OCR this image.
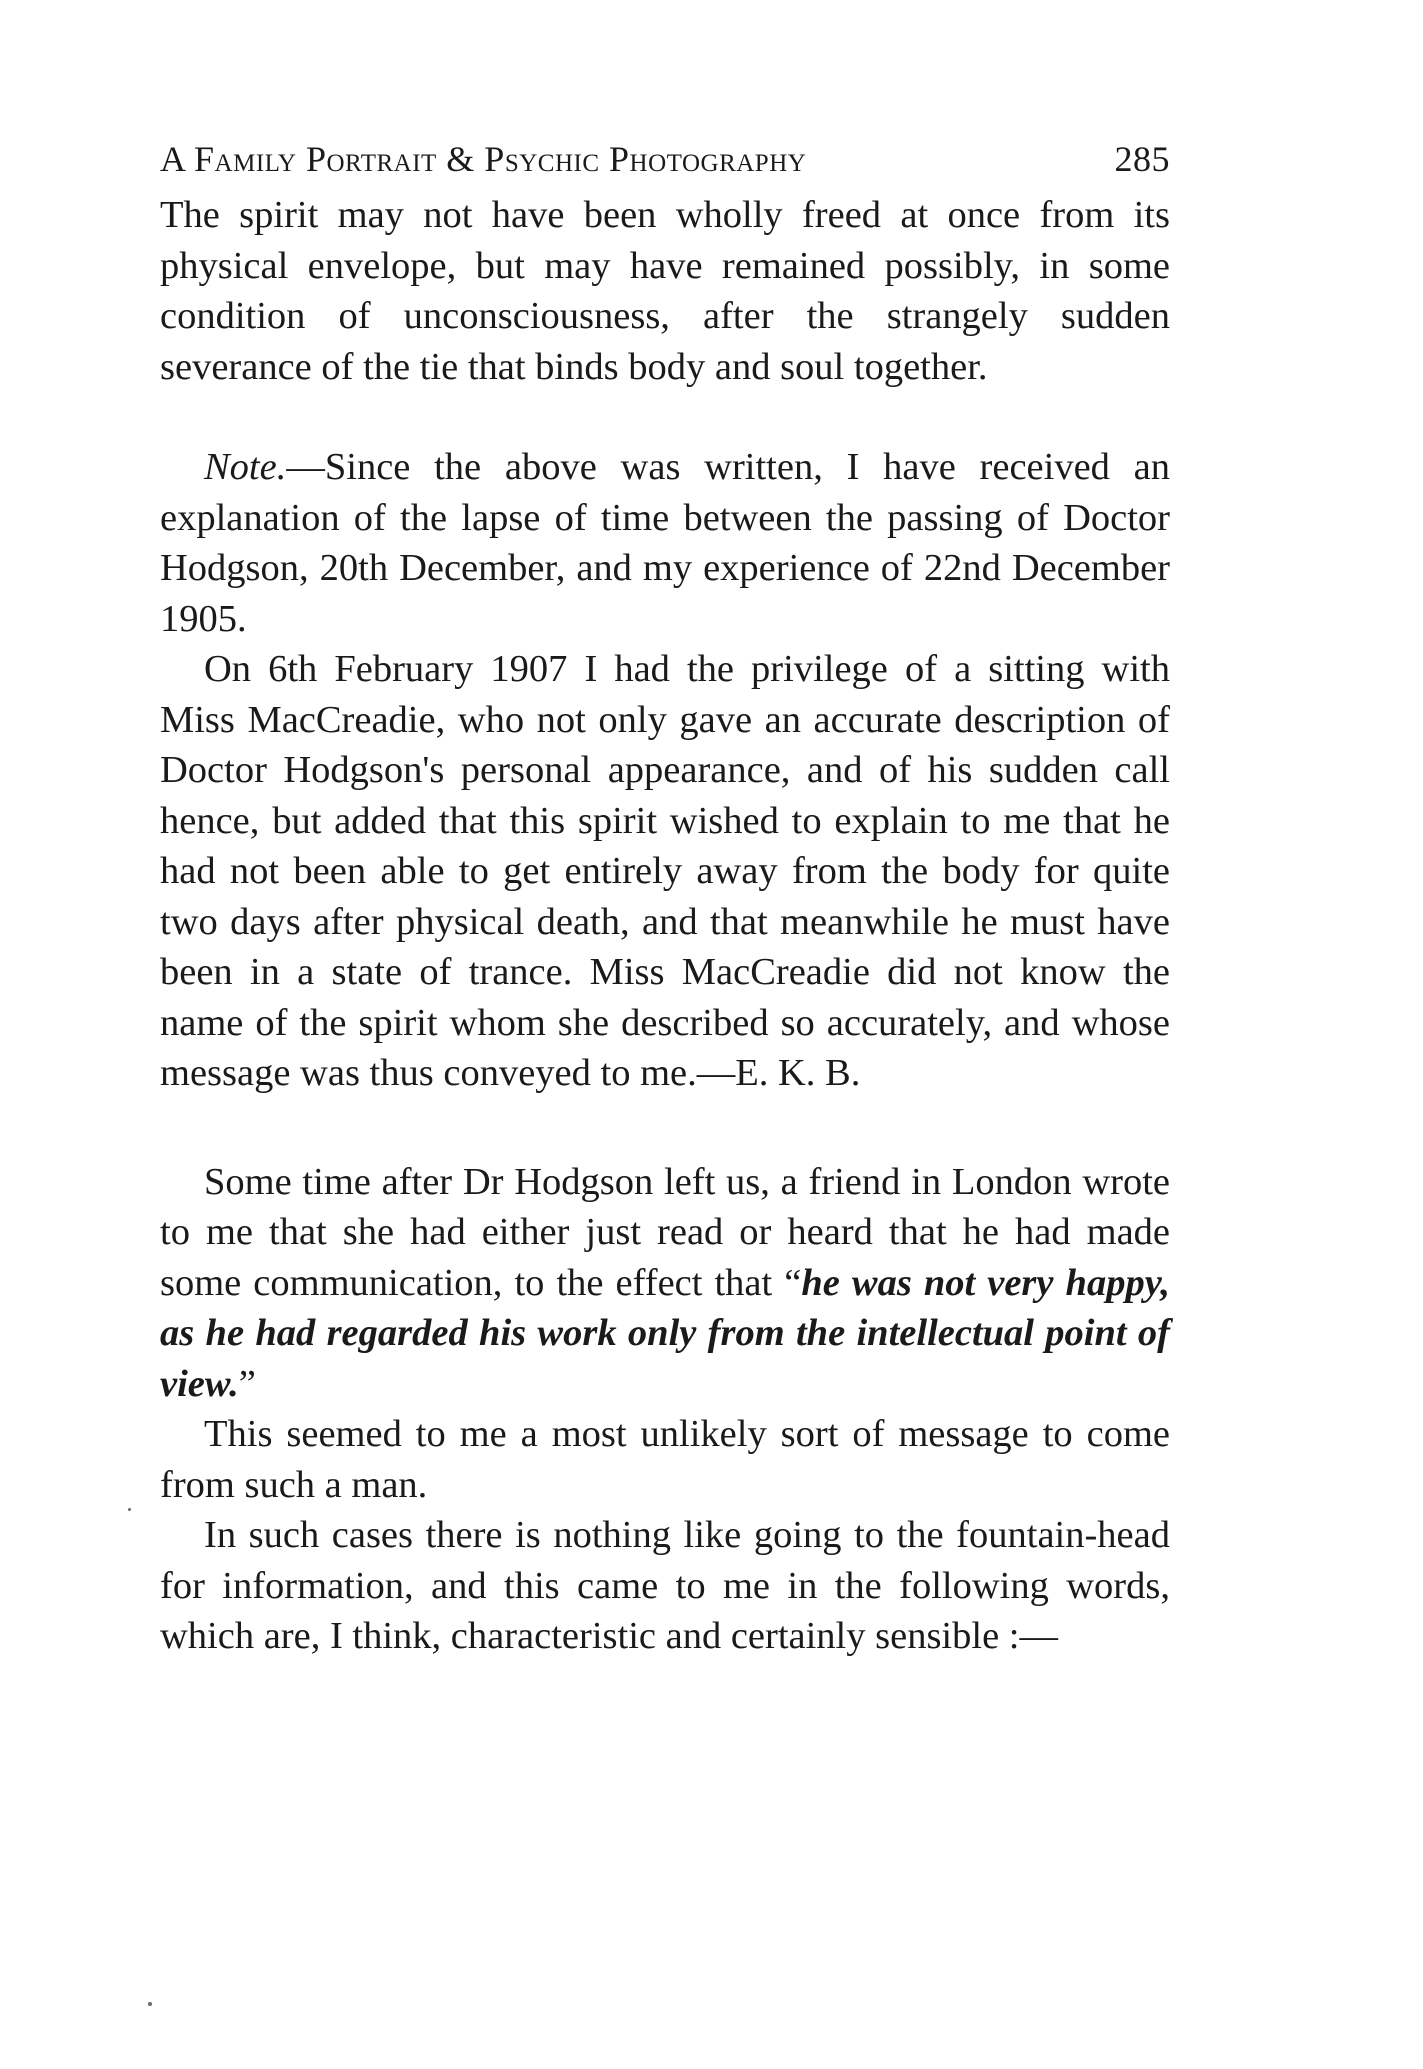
A Family Portrait & Psychic Photography	285

The spirit may not have been wholly freed at once from its physical envelope, but may have remained possibly, in some condition of unconsciousness, after the strangely sudden severance of the tie that binds body and soul together.

Note.—Since the above was written, I have received an explanation of the lapse of time between the passing of Doctor Hodgson, 20th December, and my experience of 22nd December 1905.

On 6th February 1907 I had the privilege of a sitting with Miss MacCreadie, who not only gave an accurate description of Doctor Hodgson's personal appearance, and of his sudden call hence, but added that this spirit wished to explain to me that he had not been able to get entirely away from the body for quite two days after physical death, and that meanwhile he must have been in a state of trance. Miss MacCreadie did not know the name of the spirit whom she described so accurately, and whose message was thus conveyed to me.—E. K. B.

Some time after Dr Hodgson left us, a friend in London wrote to me that she had either just read or heard that he had made some communication, to the effect that “he was not very happy, as he had regarded his work only from the intellectual point of view.”

This seemed to me a most unlikely sort of message to come from such a man.

In such cases there is nothing like going to the fountain-head for information, and this came to me in the following words, which are, I think, characteristic and certainly sensible :—
